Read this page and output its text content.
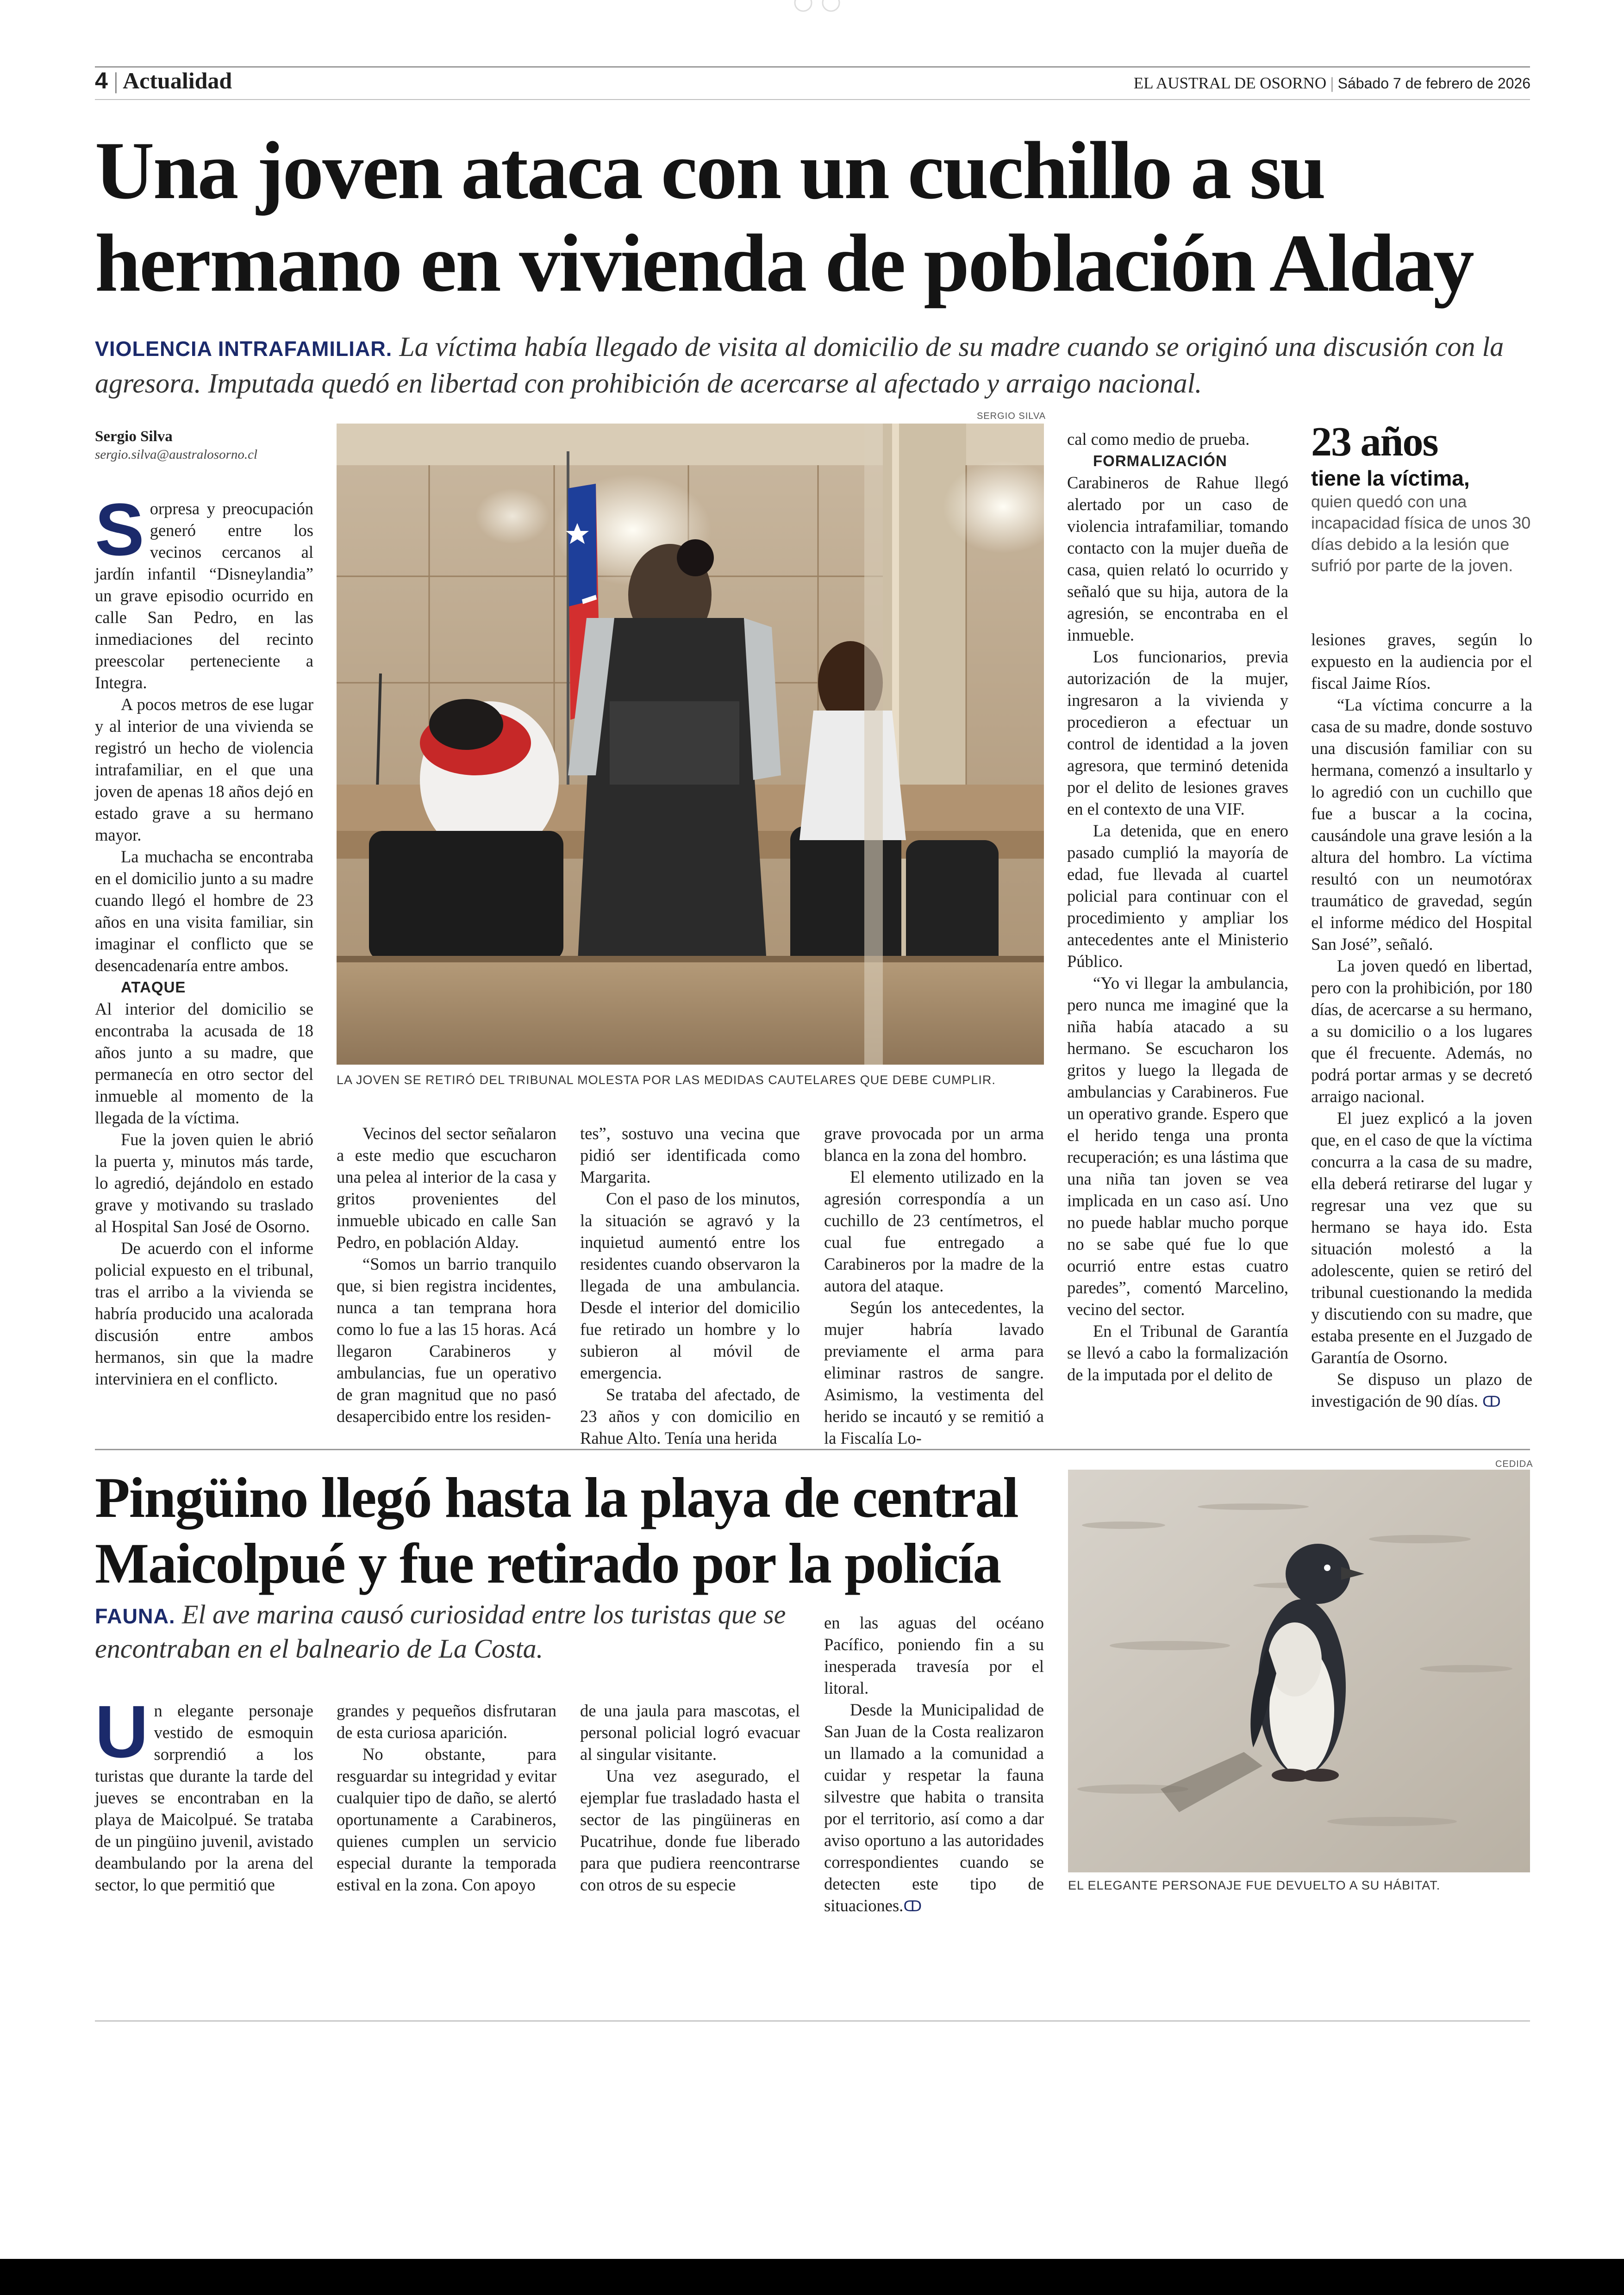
4 | Actualidad	EL AUSTRAL DE OSORNO | Sábado 7 de febrero de 2026
Una joven ataca con un cuchillo a su
hermano en vivienda de población Alday
VIOLENCIA INTRAFAMILIAR. La víctima había llegado de visita al domicilio de su madre cuando se originó una discusión con la agresora. Imputada quedó en libertad con prohibición de acercarse al afectado y arraigo nacional.
Sergio Silva
sergio.silva@australosorno.cl
SERGIO SILVA
LA JOVEN SE RETIRÓ DEL TRIBUNAL MOLESTA POR LAS MEDIDAS CAUTELARES QUE DEBE CUMPLIR.

Sorpresa y preocupación generó entre los vecinos cercanos al jardín infantil “Disneylandia” un grave episodio ocurrido en calle San Pedro, en las inmediaciones del recinto preescolar perteneciente a Integra.

A pocos metros de ese lugar y al interior de una vivienda se registró un hecho de violencia intrafamiliar, en el que una joven de apenas 18 años dejó en estado grave a su hermano mayor.

La muchacha se encontraba en el domicilio junto a su madre cuando llegó el hombre de 23 años en una visita familiar, sin imaginar el conflicto que se desencadenaría entre ambos.

ATAQUE

Al interior del domicilio se encontraba la acusada de 18 años junto a su madre, que permanecía en otro sector del inmueble al momento de la llegada de la víctima.

Fue la joven quien le abrió la puerta y, minutos más tarde, lo agredió, dejándolo en estado grave y motivando su traslado al Hospital San José de Osorno.

De acuerdo con el informe policial expuesto en el tribunal, tras el arribo a la vivienda se habría producido una acalorada discusión entre ambos hermanos, sin que la madre interviniera en el conflicto.

Vecinos del sector señalaron a este medio que escucharon una pelea al interior de la casa y gritos provenientes del inmueble ubicado en calle San Pedro, en población Alday.

“Somos un barrio tranquilo que, si bien registra incidentes, nunca a tan temprana hora como lo fue a las 15 horas. Acá llegaron Carabineros y ambulancias, fue un operativo de gran magnitud que no pasó desapercibido entre los residen-

tes”, sostuvo una vecina que pidió ser identificada como Margarita.

Con el paso de los minutos, la situación se agravó y la inquietud aumentó entre los residentes cuando observaron la llegada de una ambulancia. Desde el interior del domicilio fue retirado un hombre y lo subieron al móvil de emergencia.

Se trataba del afectado, de 23 años y con domicilio en Rahue Alto. Tenía una herida

grave provocada por un arma blanca en la zona del hombro.

El elemento utilizado en la agresión correspondía a un cuchillo de 23 centímetros, el cual fue entregado a Carabineros por la madre de la autora del ataque.

Según los antecedentes, la mujer habría lavado previamente el arma para eliminar rastros de sangre. Asimismo, la vestimenta del herido se incautó y se remitió a la Fiscalía Lo-

cal como medio de prueba.

FORMALIZACIÓN

Carabineros de Rahue llegó alertado por un caso de violencia intrafamiliar, tomando contacto con la mujer dueña de casa, quien relató lo ocurrido y señaló que su hija, autora de la agresión, se encontraba en el inmueble.

Los funcionarios, previa autorización de la mujer, ingresaron a la vivienda y procedieron a efectuar un control de identidad a la joven agresora, que terminó detenida por el delito de lesiones graves en el contexto de una VIF.

La detenida, que en enero pasado cumplió la mayoría de edad, fue llevada al cuartel policial para continuar con el procedimiento y ampliar los antecedentes ante el Ministerio Público.

“Yo vi llegar la ambulancia, pero nunca me imaginé que la niña había atacado a su hermano. Se escucharon los gritos y luego la llegada de ambulancias y Carabineros. Fue un operativo grande. Espero que el herido tenga una pronta recuperación; es una lástima que una niña tan joven se vea implicada en un caso así. Uno no puede hablar mucho porque no se sabe qué fue lo que ocurrió entre estas cuatro paredes”, comentó Marcelino, vecino del sector.

En el Tribunal de Garantía se llevó a cabo la formalización de la imputada por el delito de

23 años
tiene la víctima,
quien quedó con una incapacidad física de unos 30 días debido a la lesión que sufrió por parte de la joven.

lesiones graves, según lo expuesto en la audiencia por el fiscal Jaime Ríos.

“La víctima concurre a la casa de su madre, donde sostuvo una discusión familiar con su hermana, comenzó a insultarlo y lo agredió con un cuchillo que fue a buscar a la cocina, causándole una grave lesión a la altura del hombro. La víctima resultó con un neumotórax traumático de gravedad, según el informe médico del Hospital San José”, señaló.

La joven quedó en libertad, pero con la prohibición, por 180 días, de acercarse a su hermano, a su domicilio o a los lugares que él frecuente. Además, no podrá portar armas y se decretó arraigo nacional.

El juez explicó a la joven que, en el caso de que la víctima concurra a la casa de su madre, ella deberá retirarse del lugar y regresar una vez que su hermano se haya ido. Esta situación molestó a la adolescente, quien se retiró del tribunal cuestionando la medida y discutiendo con su madre, que estaba presente en el Juzgado de Garantía de Osorno.

Se dispuso un plazo de investigación de 90 días. ↀ

Pingüino llegó hasta la playa de central
Maicolpué y fue retirado por la policía
FAUNA. El ave marina causó curiosidad entre los turistas que se encontraban en el balneario de La Costa.

Un elegante personaje vestido de esmoquin sorprendió a los turistas que durante la tarde del jueves se encontraban en la playa de Maicolpué. Se trataba de un pingüino juvenil, avistado deambulando por la arena del sector, lo que permitió que

grandes y pequeños disfrutaran de esta curiosa aparición.

No obstante, para resguardar su integridad y evitar cualquier tipo de daño, se alertó oportunamente a Carabineros, quienes cumplen un servicio especial durante la temporada estival en la zona. Con apoyo

de una jaula para mascotas, el personal policial logró evacuar al singular visitante.

Una vez asegurado, el ejemplar fue trasladado hasta el sector de las pingüineras en Pucatrihue, donde fue liberado para que pudiera reencontrarse con otros de su especie

en las aguas del océano Pacífico, poniendo fin a su inesperada travesía por el litoral.

Desde la Municipalidad de San Juan de la Costa realizaron un llamado a la comunidad a cuidar y respetar la fauna silvestre que habita o transita por el territorio, así como a dar aviso oportuno a las autoridades correspondientes cuando se detecten este tipo de situaciones.ↀ

CEDIDA
EL ELEGANTE PERSONAJE FUE DEVUELTO A SU HÁBITAT.
